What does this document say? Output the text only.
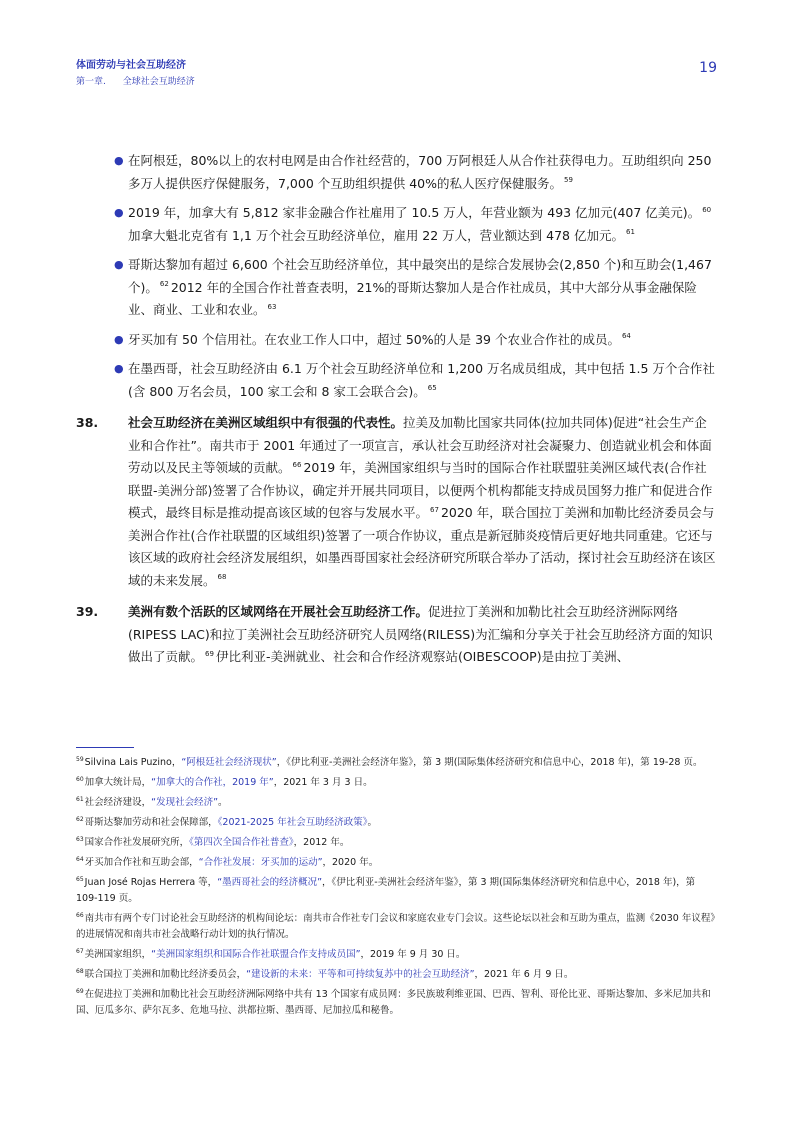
体面劳动与社会互助经济
第一章. 全球社会互助经济
19
● 在阿根廷，80%以上的农村电网是由合作社经营的，700 万阿根廷人从合作社获得电力。互助组织向 250 多万人提供医疗保健服务，7,000 个互助组织提供 40%的私人医疗保健服务。 $^{59}$
● 2019 年，加拿大有 5,812 家非金融合作社雇用了 10.5 万人，年营业额为 493 亿加元(407 亿美元)。 $^{60}$加拿大魁北克省有 1,1 万个社会互助经济单位，雇用 22 万人，营业额达到 478 亿加元。 $^{61}$
● 哥斯达黎加有超过 6,600 个社会互助经济单位，其中最突出的是综合发展协会(2,850 个)和互助会(1,467 个)。 $^{62}$ 2012 年的全国合作社普查表明，21%的哥斯达黎加人是合作社成员，其中大部分从事金融保险业、商业、工业和农业。 $^{63}$
● 牙买加有 50 个信用社。在农业工作人口中，超过 50%的人是 39 个农业合作社的成员。 $^{64}$
● 在墨西哥，社会互助经济由 6.1 万个社会互助经济单位和 1,200 万名成员组成，其中包括 1.5 万个合作社(含 800 万名会员，100 家工会和 8 家工会联合会)。 $^{65}$
38. 社会互助经济在美洲区域组织中有很强的代表性。拉美及加勒比国家共同体(拉加共同体)促进“社会生产企业和合作社”。南共市于 2001 年通过了一项宣言，承认社会互助经济对社会凝聚力、创造就业机会和体面劳动以及民主等领域的贡献。 $^{66}$ 2019 年，美洲国家组织与当时的国际合作社联盟驻美洲区域代表(合作社联盟-美洲分部)签署了合作协议，确定并开展共同项目，以便两个机构都能支持成员国努力推广和促进合作模式，最终目标是推动提高该区域的包容与发展水平。 $^{67}$ 2020 年，联合国拉丁美洲和加勒比经济委员会与美洲合作社(合作社联盟的区域组织)签署了一项合作协议，重点是新冠肺炎疫情后更好地共同重建。它还与该区域的政府社会经济发展组织，如墨西哥国家社会经济研究所联合举办了活动，探讨社会互助经济在该区域的未来发展。 $^{68}$
39. 美洲有数个活跃的区域网络在开展社会互助经济工作。促进拉丁美洲和加勒比社会互助经济洲际网络(RIPESS LAC)和拉丁美洲社会互助经济研究人员网络(RILESS)为汇编和分享关于社会互助经济方面的知识做出了贡献。 $^{69}$ 伊比利亚-美洲就业、社会和合作经济观察站(OIBESCOOP)是由拉丁美洲、
$^{59}$Silvina Lais Puzino，“阿根廷社会经济现状”，《伊比利亚-美洲社会经济年鉴》，第 3 期(国际集体经济研究和信息中心，2018 年)，第 19-28 页。
$^{60}$加拿大统计局，“加拿大的合作社，2019 年”，2021 年 3 月 3 日。
$^{61}$社会经济建设，“发现社会经济”。
$^{62}$哥斯达黎加劳动和社会保障部，《2021-2025 年社会互助经济政策》。
$^{63}$国家合作社发展研究所，《第四次全国合作社普查》，2012 年。
$^{64}$牙买加合作社和互助会部，“合作社发展：牙买加的运动”，2020 年。
$^{65}$Juan José Rojas Herrera 等，“墨西哥社会的经济概况”，《伊比利亚-美洲社会经济年鉴》，第 3 期(国际集体经济研究和信息中心，2018 年)，第 109-119 页。
$^{66}$南共市有两个专门讨论社会互助经济的机构间论坛：南共市合作社专门会议和家庭农业专门会议。这些论坛以社会和互助为重点，监测《2030 年议程》的进展情况和南共市社会战略行动计划的执行情况。
$^{67}$美洲国家组织，“美洲国家组织和国际合作社联盟合作支持成员国”，2019 年 9 月 30 日。
$^{68}$联合国拉丁美洲和加勒比经济委员会，“建设新的未来：平等和可持续复苏中的社会互助经济”，2021 年 6 月 9 日。
$^{69}$在促进拉丁美洲和加勒比社会互助经济洲际网络中共有 13 个国家有成员网：多民族玻利维亚国、巴西、智利、哥伦比亚、哥斯达黎加、多米尼加共和国、厄瓜多尔、萨尔瓦多、危地马拉、洪都拉斯、墨西哥、尼加拉瓜和秘鲁。
